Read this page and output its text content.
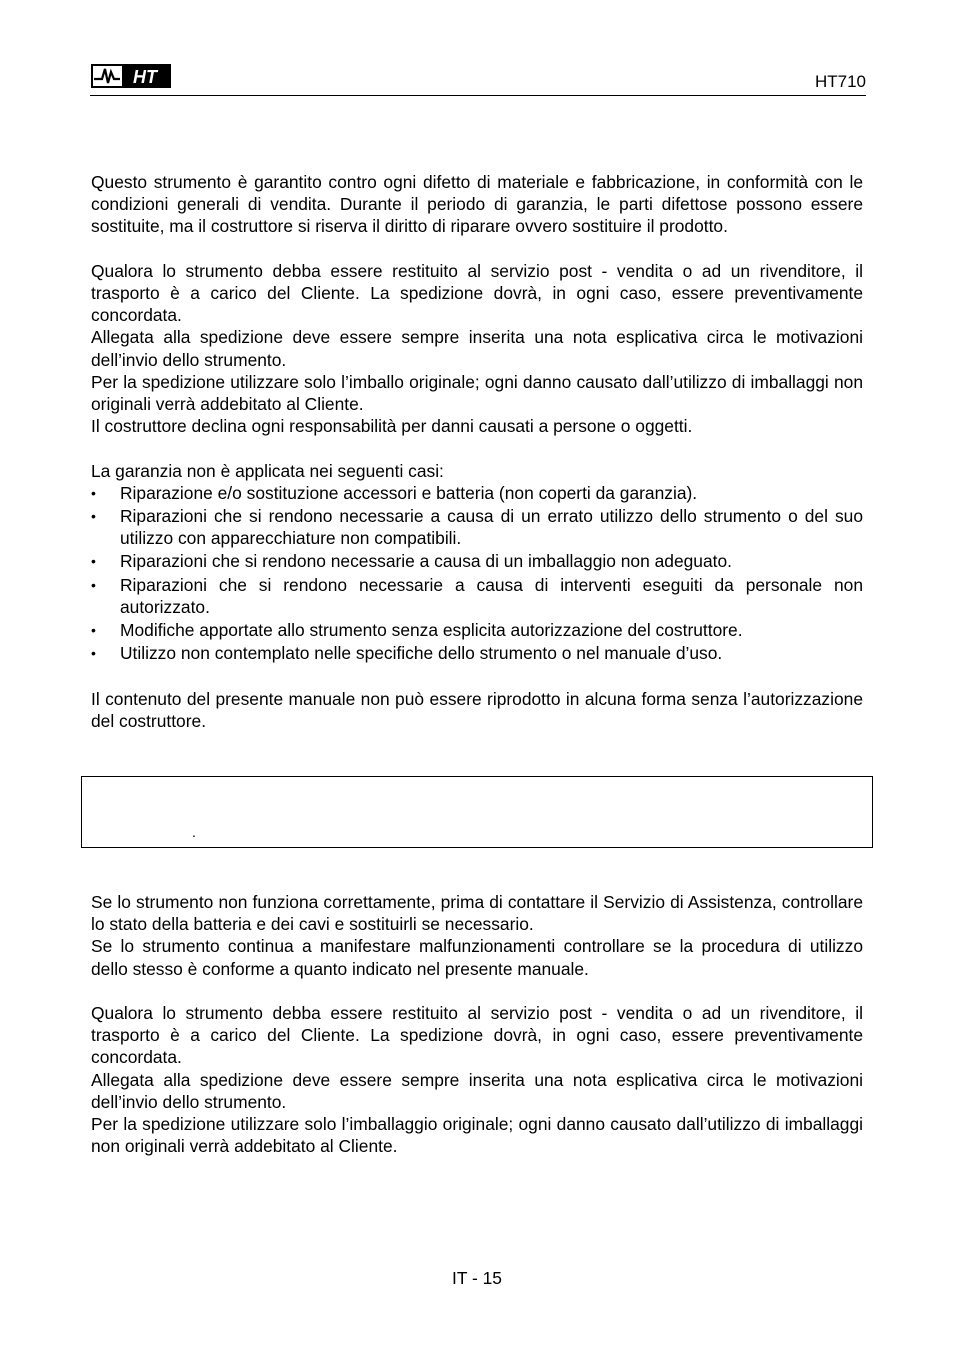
HT	HT710

Questo strumento è garantito contro ogni difetto di materiale e fabbricazione, in conformità con le condizioni generali di vendita. Durante il periodo di garanzia, le parti difettose possono essere sostituite, ma il costruttore si riserva il diritto di riparare ovvero sostituire il prodotto.

Qualora lo strumento debba essere restituito al servizio post - vendita o ad un rivenditore, il trasporto è a carico del Cliente. La spedizione dovrà, in ogni caso, essere preventivamente concordata.

Allegata alla spedizione deve essere sempre inserita una nota esplicativa circa le motivazioni dell’invio dello strumento.

Per la spedizione utilizzare solo l’imballo originale; ogni danno causato dall’utilizzo di imballaggi non originali verrà addebitato al Cliente.

Il costruttore declina ogni responsabilità per danni causati a persone o oggetti.

La garanzia non è applicata nei seguenti casi:

• Riparazione e/o sostituzione accessori e batteria (non coperti da garanzia).
• Riparazioni che si rendono necessarie a causa di un errato utilizzo dello strumento o del suo utilizzo con apparecchiature non compatibili.
• Riparazioni che si rendono necessarie a causa di un imballaggio non adeguato.
• Riparazioni che si rendono necessarie a causa di interventi eseguiti da personale non autorizzato.
• Modifiche apportate allo strumento senza esplicita autorizzazione del costruttore.
• Utilizzo non contemplato nelle specifiche dello strumento o nel manuale d’uso.

Il contenuto del presente manuale non può essere riprodotto in alcuna forma senza l’autorizzazione del costruttore.

.

Se lo strumento non funziona correttamente, prima di contattare il Servizio di Assistenza, controllare lo stato della batteria e dei cavi e sostituirli se necessario.

Se lo strumento continua a manifestare malfunzionamenti controllare se la procedura di utilizzo dello stesso è conforme a quanto indicato nel presente manuale.

Qualora lo strumento debba essere restituito al servizio post - vendita o ad un rivenditore, il trasporto è a carico del Cliente. La spedizione dovrà, in ogni caso, essere preventivamente concordata.

Allegata alla spedizione deve essere sempre inserita una nota esplicativa circa le motivazioni dell’invio dello strumento.

Per la spedizione utilizzare solo l’imballaggio originale; ogni danno causato dall’utilizzo di imballaggi non originali verrà addebitato al Cliente.

IT - 15
